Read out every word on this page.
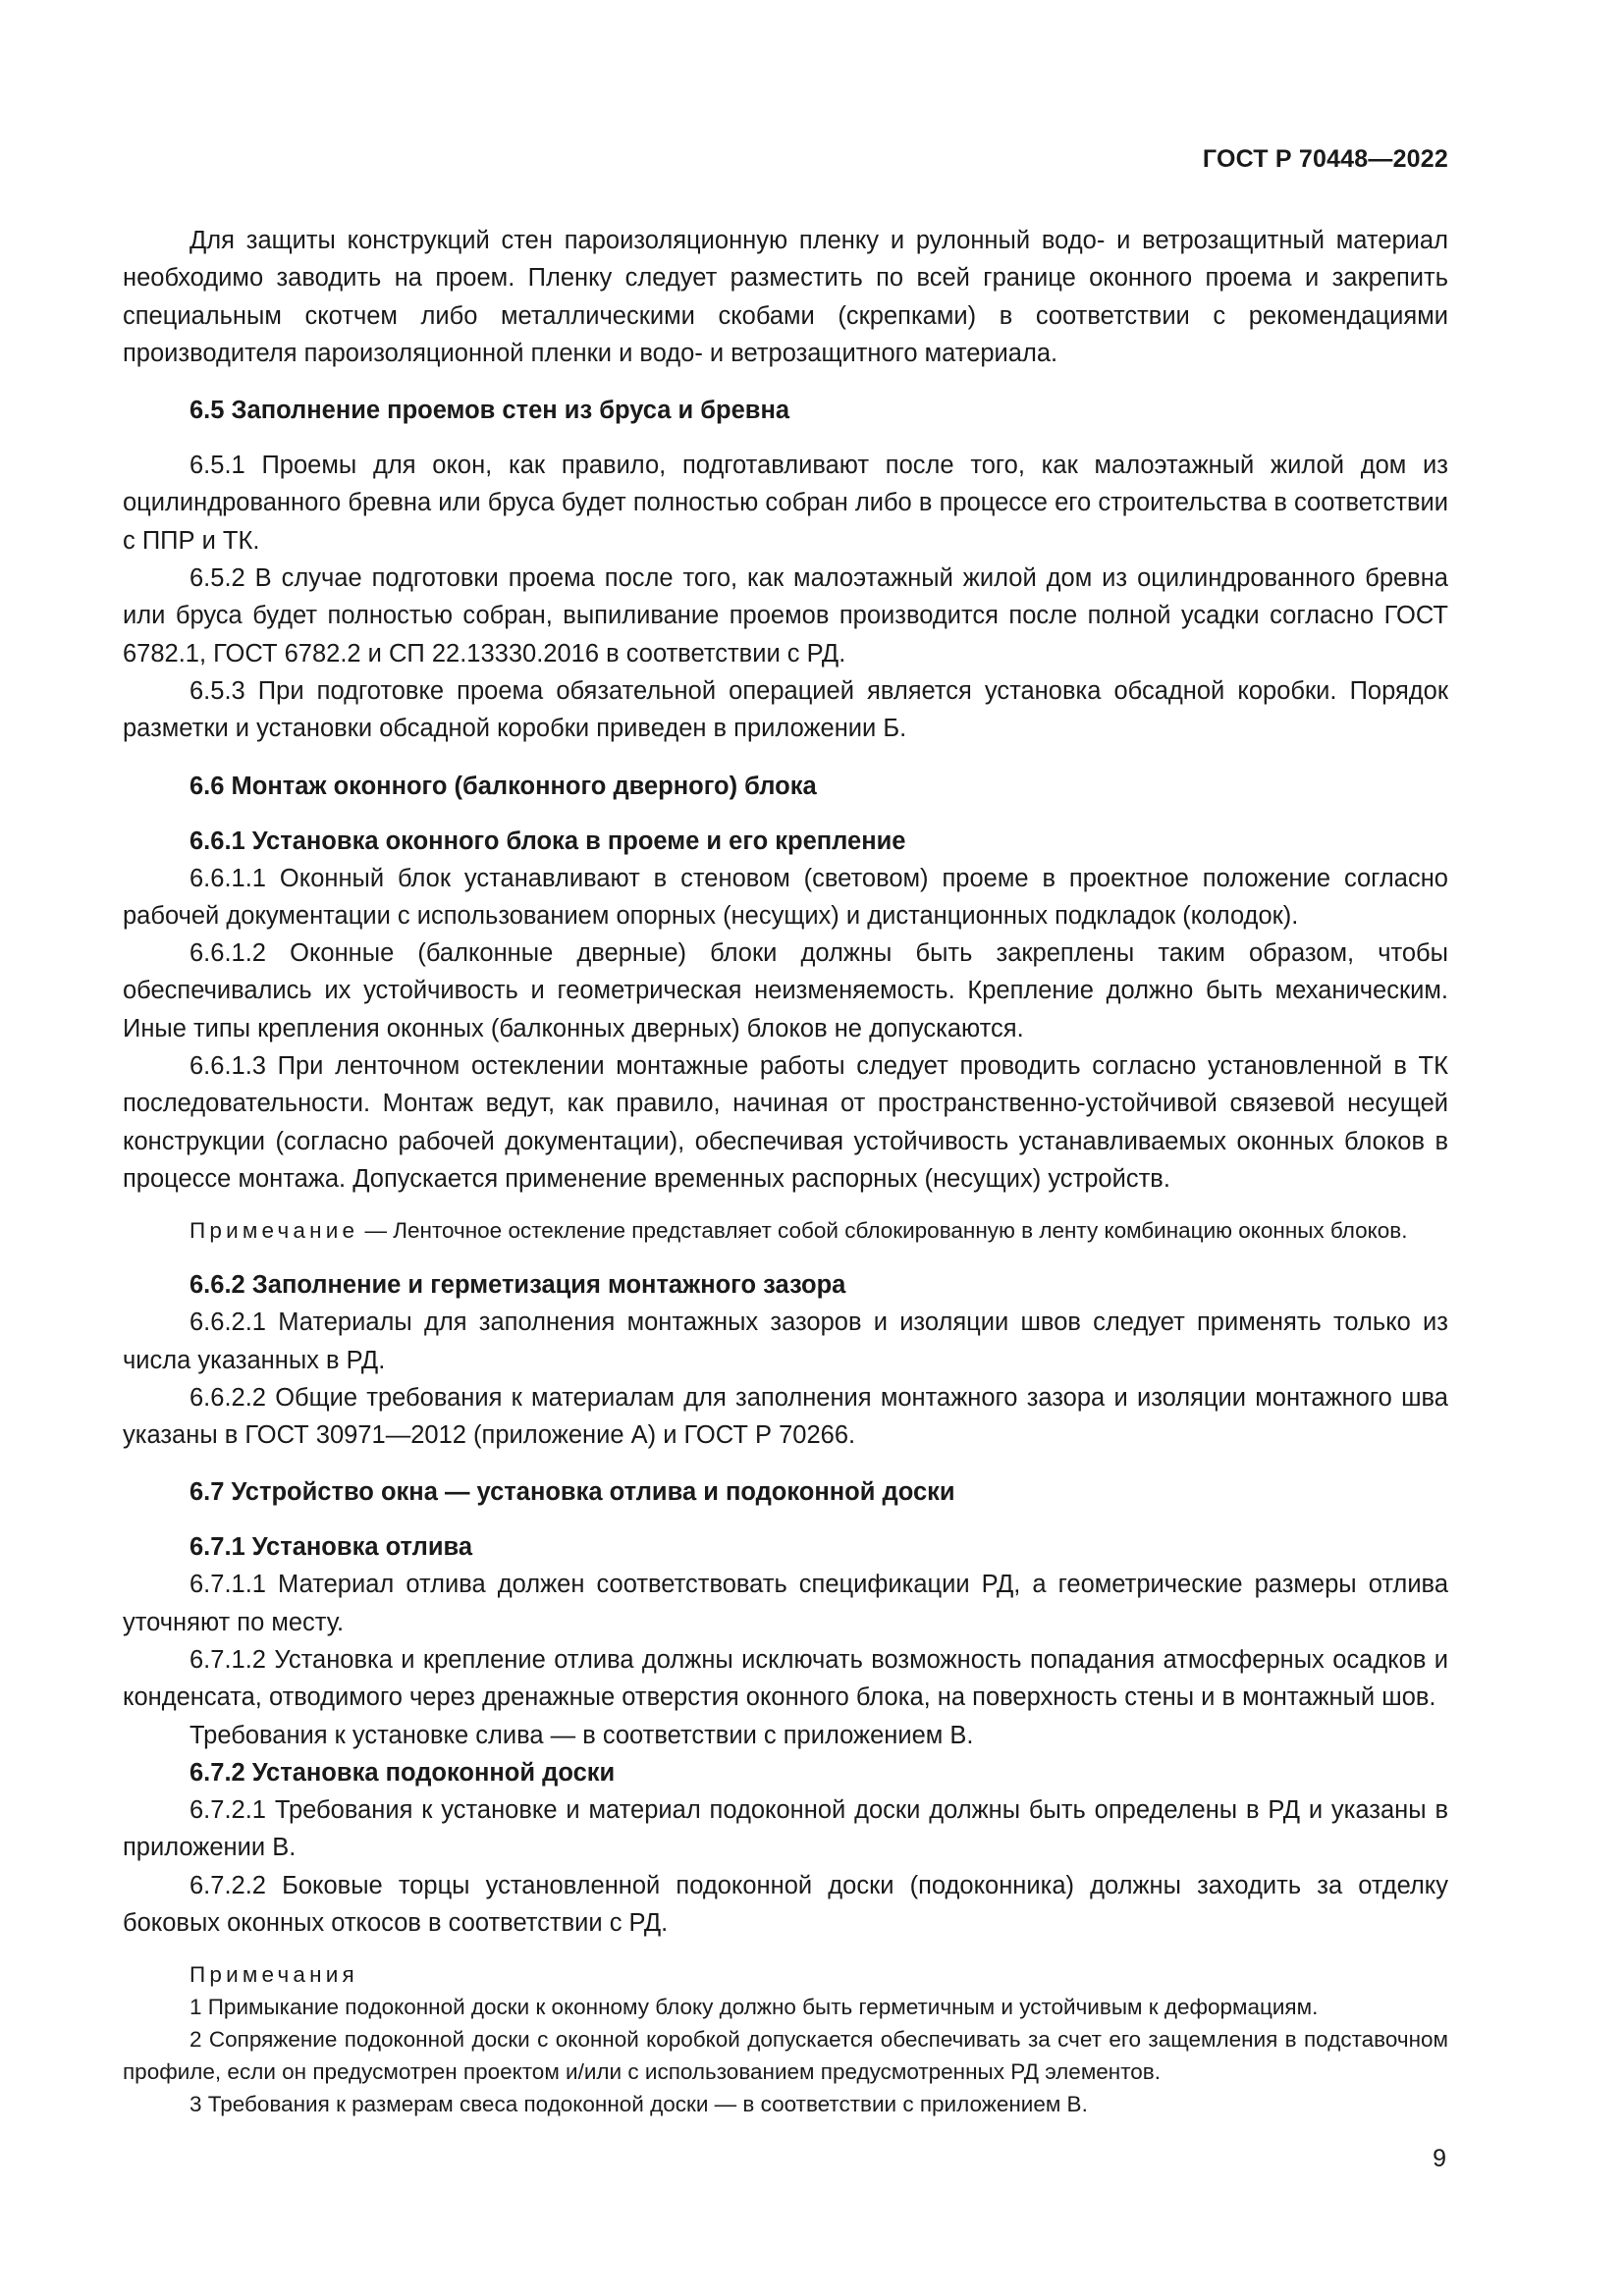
ГОСТ Р 70448—2022

Для защиты конструкций стен пароизоляционную пленку и рулонный водо- и ветрозащитный материал необходимо заводить на проем. Пленку следует разместить по всей границе оконного проема и закрепить специальным скотчем либо металлическими скобами (скрепками) в соответствии с рекомендациями производителя пароизоляционной пленки и водо- и ветрозащитного материала.

6.5 Заполнение проемов стен из бруса и бревна

6.5.1 Проемы для окон, как правило, подготавливают после того, как малоэтажный жилой дом из оцилиндрованного бревна или бруса будет полностью собран либо в процессе его строительства в соответствии с ППР и ТК.

6.5.2 В случае подготовки проема после того, как малоэтажный жилой дом из оцилиндрованного бревна или бруса будет полностью собран, выпиливание проемов производится после полной усадки согласно ГОСТ 6782.1, ГОСТ 6782.2 и СП 22.13330.2016 в соответствии с РД.

6.5.3 При подготовке проема обязательной операцией является установка обсадной коробки. Порядок разметки и установки обсадной коробки приведен в приложении Б.

6.6 Монтаж оконного (балконного дверного) блока
6.6.1 Установка оконного блока в проеме и его крепление

6.6.1.1 Оконный блок устанавливают в стеновом (световом) проеме в проектное положение согласно рабочей документации с использованием опорных (несущих) и дистанционных подкладок (колодок).

6.6.1.2 Оконные (балконные дверные) блоки должны быть закреплены таким образом, чтобы обеспечивались их устойчивость и геометрическая неизменяемость. Крепление должно быть механическим. Иные типы крепления оконных (балконных дверных) блоков не допускаются.

6.6.1.3 При ленточном остеклении монтажные работы следует проводить согласно установленной в ТК последовательности. Монтаж ведут, как правило, начиная от пространственно-устойчивой связевой несущей конструкции (согласно рабочей документации), обеспечивая устойчивость устанавливаемых оконных блоков в процессе монтажа. Допускается применение временных распорных (несущих) устройств.

Примечание — Ленточное остекление представляет собой сблокированную в ленту комбинацию оконных блоков.
6.6.2 Заполнение и герметизация монтажного зазора

6.6.2.1 Материалы для заполнения монтажных зазоров и изоляции швов следует применять только из числа указанных в РД.

6.6.2.2 Общие требования к материалам для заполнения монтажного зазора и изоляции монтажного шва указаны в ГОСТ 30971—2012 (приложение А) и ГОСТ Р 70266.

6.7 Устройство окна — установка отлива и подоконной доски
6.7.1 Установка отлива

6.7.1.1 Материал отлива должен соответствовать спецификации РД, а геометрические размеры отлива уточняют по месту.

6.7.1.2 Установка и крепление отлива должны исключать возможность попадания атмосферных осадков и конденсата, отводимого через дренажные отверстия оконного блока, на поверхность стены и в монтажный шов.

Требования к установке слива — в соответствии с приложением В.

6.7.2 Установка подоконной доски

6.7.2.1 Требования к установке и материал подоконной доски должны быть определены в РД и указаны в приложении В.

6.7.2.2 Боковые торцы установленной подоконной доски (подоконника) должны заходить за отделку боковых оконных откосов в соответствии с РД.

Примечания
1 Примыкание подоконной доски к оконному блоку должно быть герметичным и устойчивым к деформациям.
2 Сопряжение подоконной доски с оконной коробкой допускается обеспечивать за счет его защемления в подставочном профиле, если он предусмотрен проектом и/или с использованием предусмотренных РД элементов.
3 Требования к размерам свеса подоконной доски — в соответствии с приложением В.
9
